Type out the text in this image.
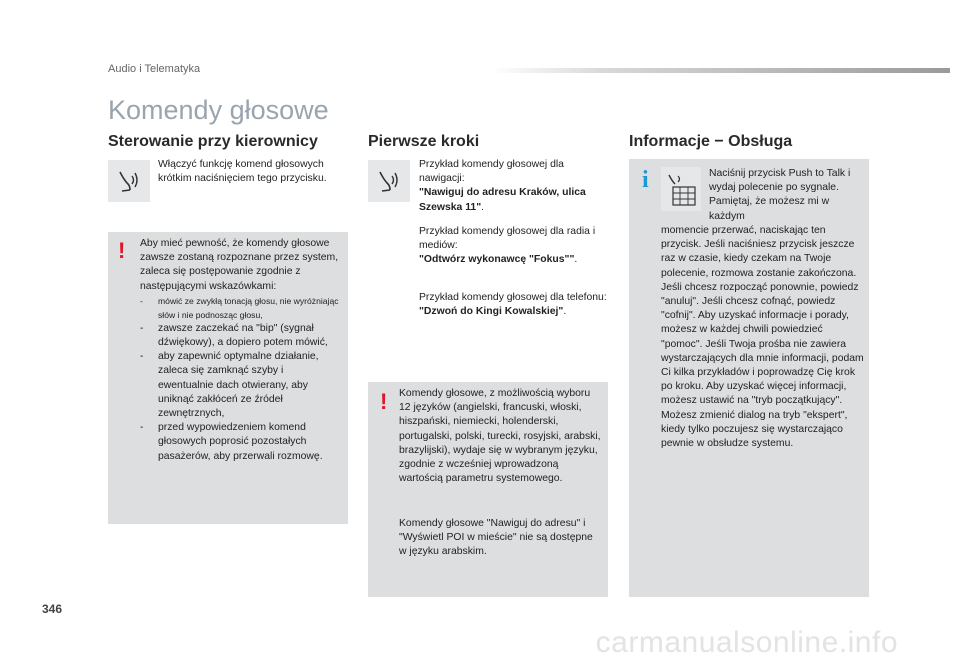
Audio i Telematyka
Komendy głosowe
Sterowanie przy kierownicy
Włączyć funkcję komend głosowych krótkim naciśnięciem tego przycisku.
! Aby mieć pewność, że komendy głosowe zawsze zostaną rozpoznane przez system, zaleca się postępowanie zgodnie z następującymi wskazówkami:
-	mówić ze zwykłą tonacją głosu, nie wyróżniając słów i nie podnosząc głosu,
-	zawsze zaczekać na "bip" (sygnał dźwiękowy), a dopiero potem mówić,
-	aby zapewnić optymalne działanie, zaleca się zamknąć szyby i ewentualnie dach otwierany, aby uniknąć zakłóceń ze źródeł zewnętrznych,
-	przed wypowiedzeniem komend głosowych poprosić pozostałych pasażerów, aby przerwali rozmowę.
Pierwsze kroki
Przykład komendy głosowej dla nawigacji:
"Nawiguj do adresu Kraków, ulica Szewska 11".
Przykład komendy głosowej dla radia i mediów:
"Odtwórz wykonawcę "Fokus"".
Przykład komendy głosowej dla telefonu:
"Dzwoń do Kingi Kowalskiej".
! Komendy głosowe, z możliwością wyboru 12 języków (angielski, francuski, włoski, hiszpański, niemiecki, holenderski, portugalski, polski, turecki, rosyjski, arabski, brazylijski), wydaje się w wybranym języku, zgodnie z wcześniej wprowadzoną wartością parametru systemowego.
Komendy głosowe "Nawiguj do adresu" i "Wyświetl POI w mieście" nie są dostępne w języku arabskim.
Informacje − Obsługa
i	Naciśnij przycisk Push to Talk i wydaj polecenie po sygnale. Pamiętaj, że możesz mi w każdym
momencie przerwać, naciskając ten przycisk. Jeśli naciśniesz przycisk jeszcze raz w czasie, kiedy czekam na Twoje polecenie, rozmowa zostanie zakończona. Jeśli chcesz rozpocząć ponownie, powiedz "anuluj". Jeśli chcesz cofnąć, powiedz "cofnij". Aby uzyskać informacje i porady, możesz w każdej chwili powiedzieć "pomoc". Jeśli Twoja prośba nie zawiera wystarczających dla mnie informacji, podam Ci kilka przykładów i poprowadzę Cię krok po kroku. Aby uzyskać więcej informacji, możesz ustawić na "tryb początkujący". Możesz zmienić dialog na tryb "ekspert", kiedy tylko poczujesz się wystarczająco pewnie w obsłudze systemu.
346
carmanualsonline.info
